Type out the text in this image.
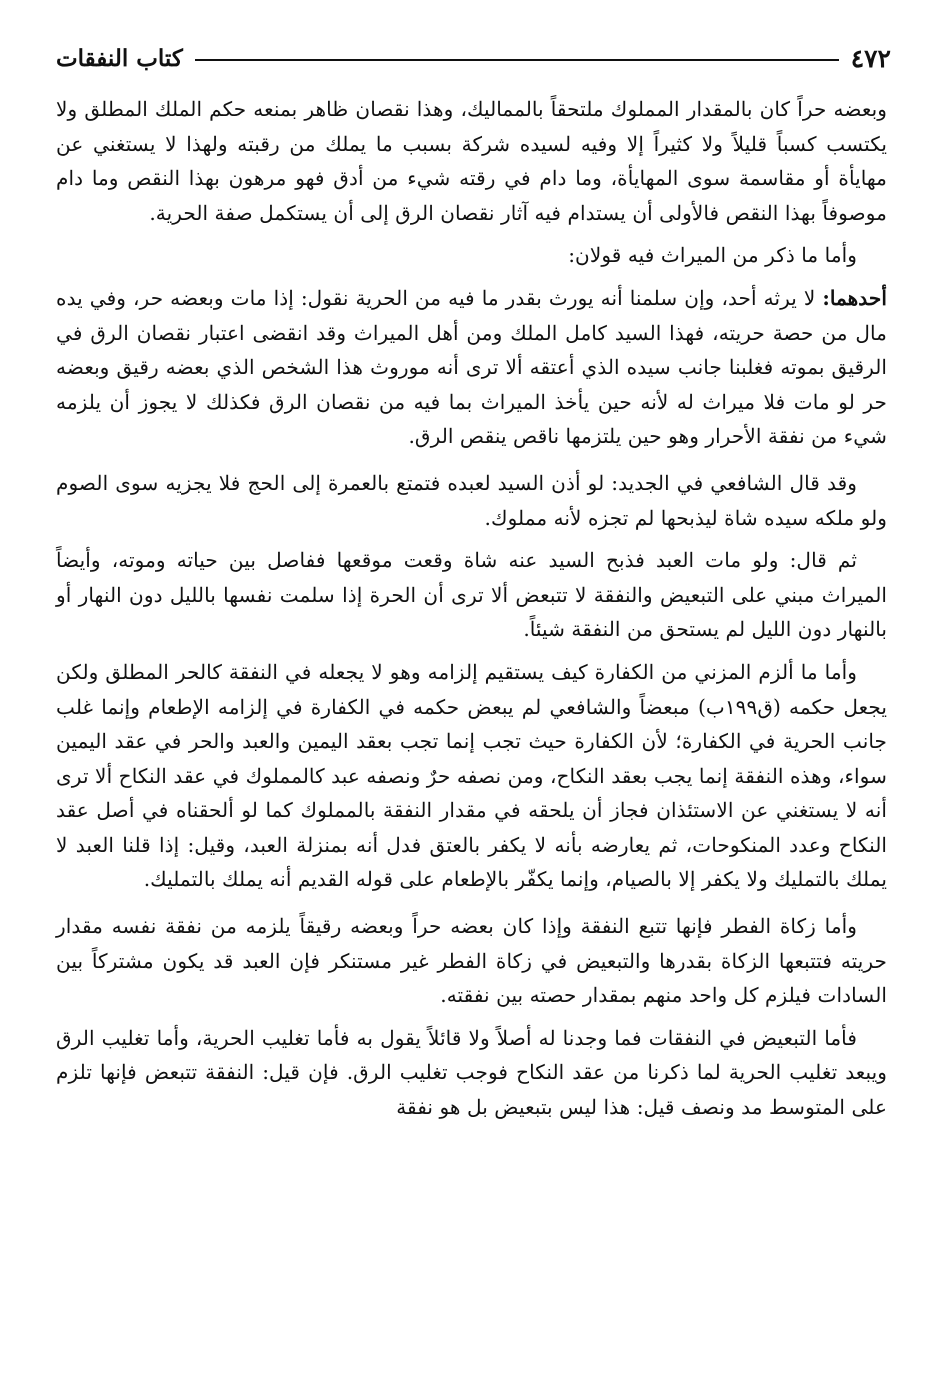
٤٧٢
كتاب النفقات

وبعضه حراً كان بالمقدار المملوك ملتحقاً بالمماليك، وهذا نقصان ظاهر بمنعه حكم الملك المطلق ولا يكتسب كسباً قليلاً ولا كثيراً إلا وفيه لسيده شركة بسبب ما يملك من رقبته ولهذا لا يستغني عن مهايأة أو مقاسمة سوى المهايأة، وما دام في رقته شيء من أدق فهو مرهون بهذا النقص وما دام موصوفاً بهذا النقص فالأولى أن يستدام فيه آثار نقصان الرق إلى أن يستكمل صفة الحرية.

وأما ما ذكر من الميراث فيه قولان:

أحدهما: لا يرثه أحد، وإن سلمنا أنه يورث بقدر ما فيه من الحرية نقول: إذا مات وبعضه حر، وفي يده مال من حصة حريته، فهذا السيد كامل الملك ومن أهل الميراث وقد انقضى اعتبار نقصان الرق في الرقيق بموته فغلبنا جانب سيده الذي أعتقه ألا ترى أنه موروث هذا الشخص الذي بعضه رقيق وبعضه حر لو مات فلا ميراث له لأنه حين يأخذ الميراث بما فيه من نقصان الرق فكذلك لا يجوز أن يلزمه شيء من نفقة الأحرار وهو حين يلتزمها ناقص ينقص الرق.

وقد قال الشافعي في الجديد: لو أذن السيد لعبده فتمتع بالعمرة إلى الحج فلا يجزيه سوى الصوم ولو ملكه سيده شاة ليذبحها لم تجزه لأنه مملوك.

ثم قال: ولو مات العبد فذبح السيد عنه شاة وقعت موقعها ففاصل بين حياته وموته، وأيضاً الميراث مبني على التبعيض والنفقة لا تتبعض ألا ترى أن الحرة إذا سلمت نفسها بالليل دون النهار أو بالنهار دون الليل لم يستحق من النفقة شيئاً.

وأما ما ألزم المزني من الكفارة كيف يستقيم إلزامه وهو لا يجعله في النفقة كالحر المطلق ولكن يجعل حكمه (ق١٩٩ب) مبعضاً والشافعي لم يبعض حكمه في الكفارة في إلزامه الإطعام وإنما غلب جانب الحرية في الكفارة؛ لأن الكفارة حيث تجب إنما تجب بعقد اليمين والعبد والحر في عقد اليمين سواء، وهذه النفقة إنما يجب بعقد النكاح، ومن نصفه حرٌ ونصفه عبد كالمملوك في عقد النكاح ألا ترى أنه لا يستغني عن الاستئذان فجاز أن يلحقه في مقدار النفقة بالمملوك كما لو ألحقناه في أصل عقد النكاح وعدد المنكوحات، ثم يعارضه بأنه لا يكفر بالعتق فدل أنه بمنزلة العبد، وقيل: إذا قلنا العبد لا يملك بالتمليك ولا يكفر إلا بالصيام، وإنما يكفّر بالإطعام على قوله القديم أنه يملك بالتمليك.

وأما زكاة الفطر فإنها تتبع النفقة وإذا كان بعضه حراً وبعضه رقيقاً يلزمه من نفقة نفسه مقدار حريته فتتبعها الزكاة بقدرها والتبعيض في زكاة الفطر غير مستنكر فإن العبد قد يكون مشتركاً بين السادات فيلزم كل واحد منهم بمقدار حصته بين نفقته.

فأما التبعيض في النفقات فما وجدنا له أصلاً ولا قائلاً يقول به فأما تغليب الحرية، وأما تغليب الرق ويبعد تغليب الحرية لما ذكرنا من عقد النكاح فوجب تغليب الرق. فإن قيل: النفقة تتبعض فإنها تلزم على المتوسط مد ونصف قيل: هذا ليس بتبعيض بل هو نفقة
